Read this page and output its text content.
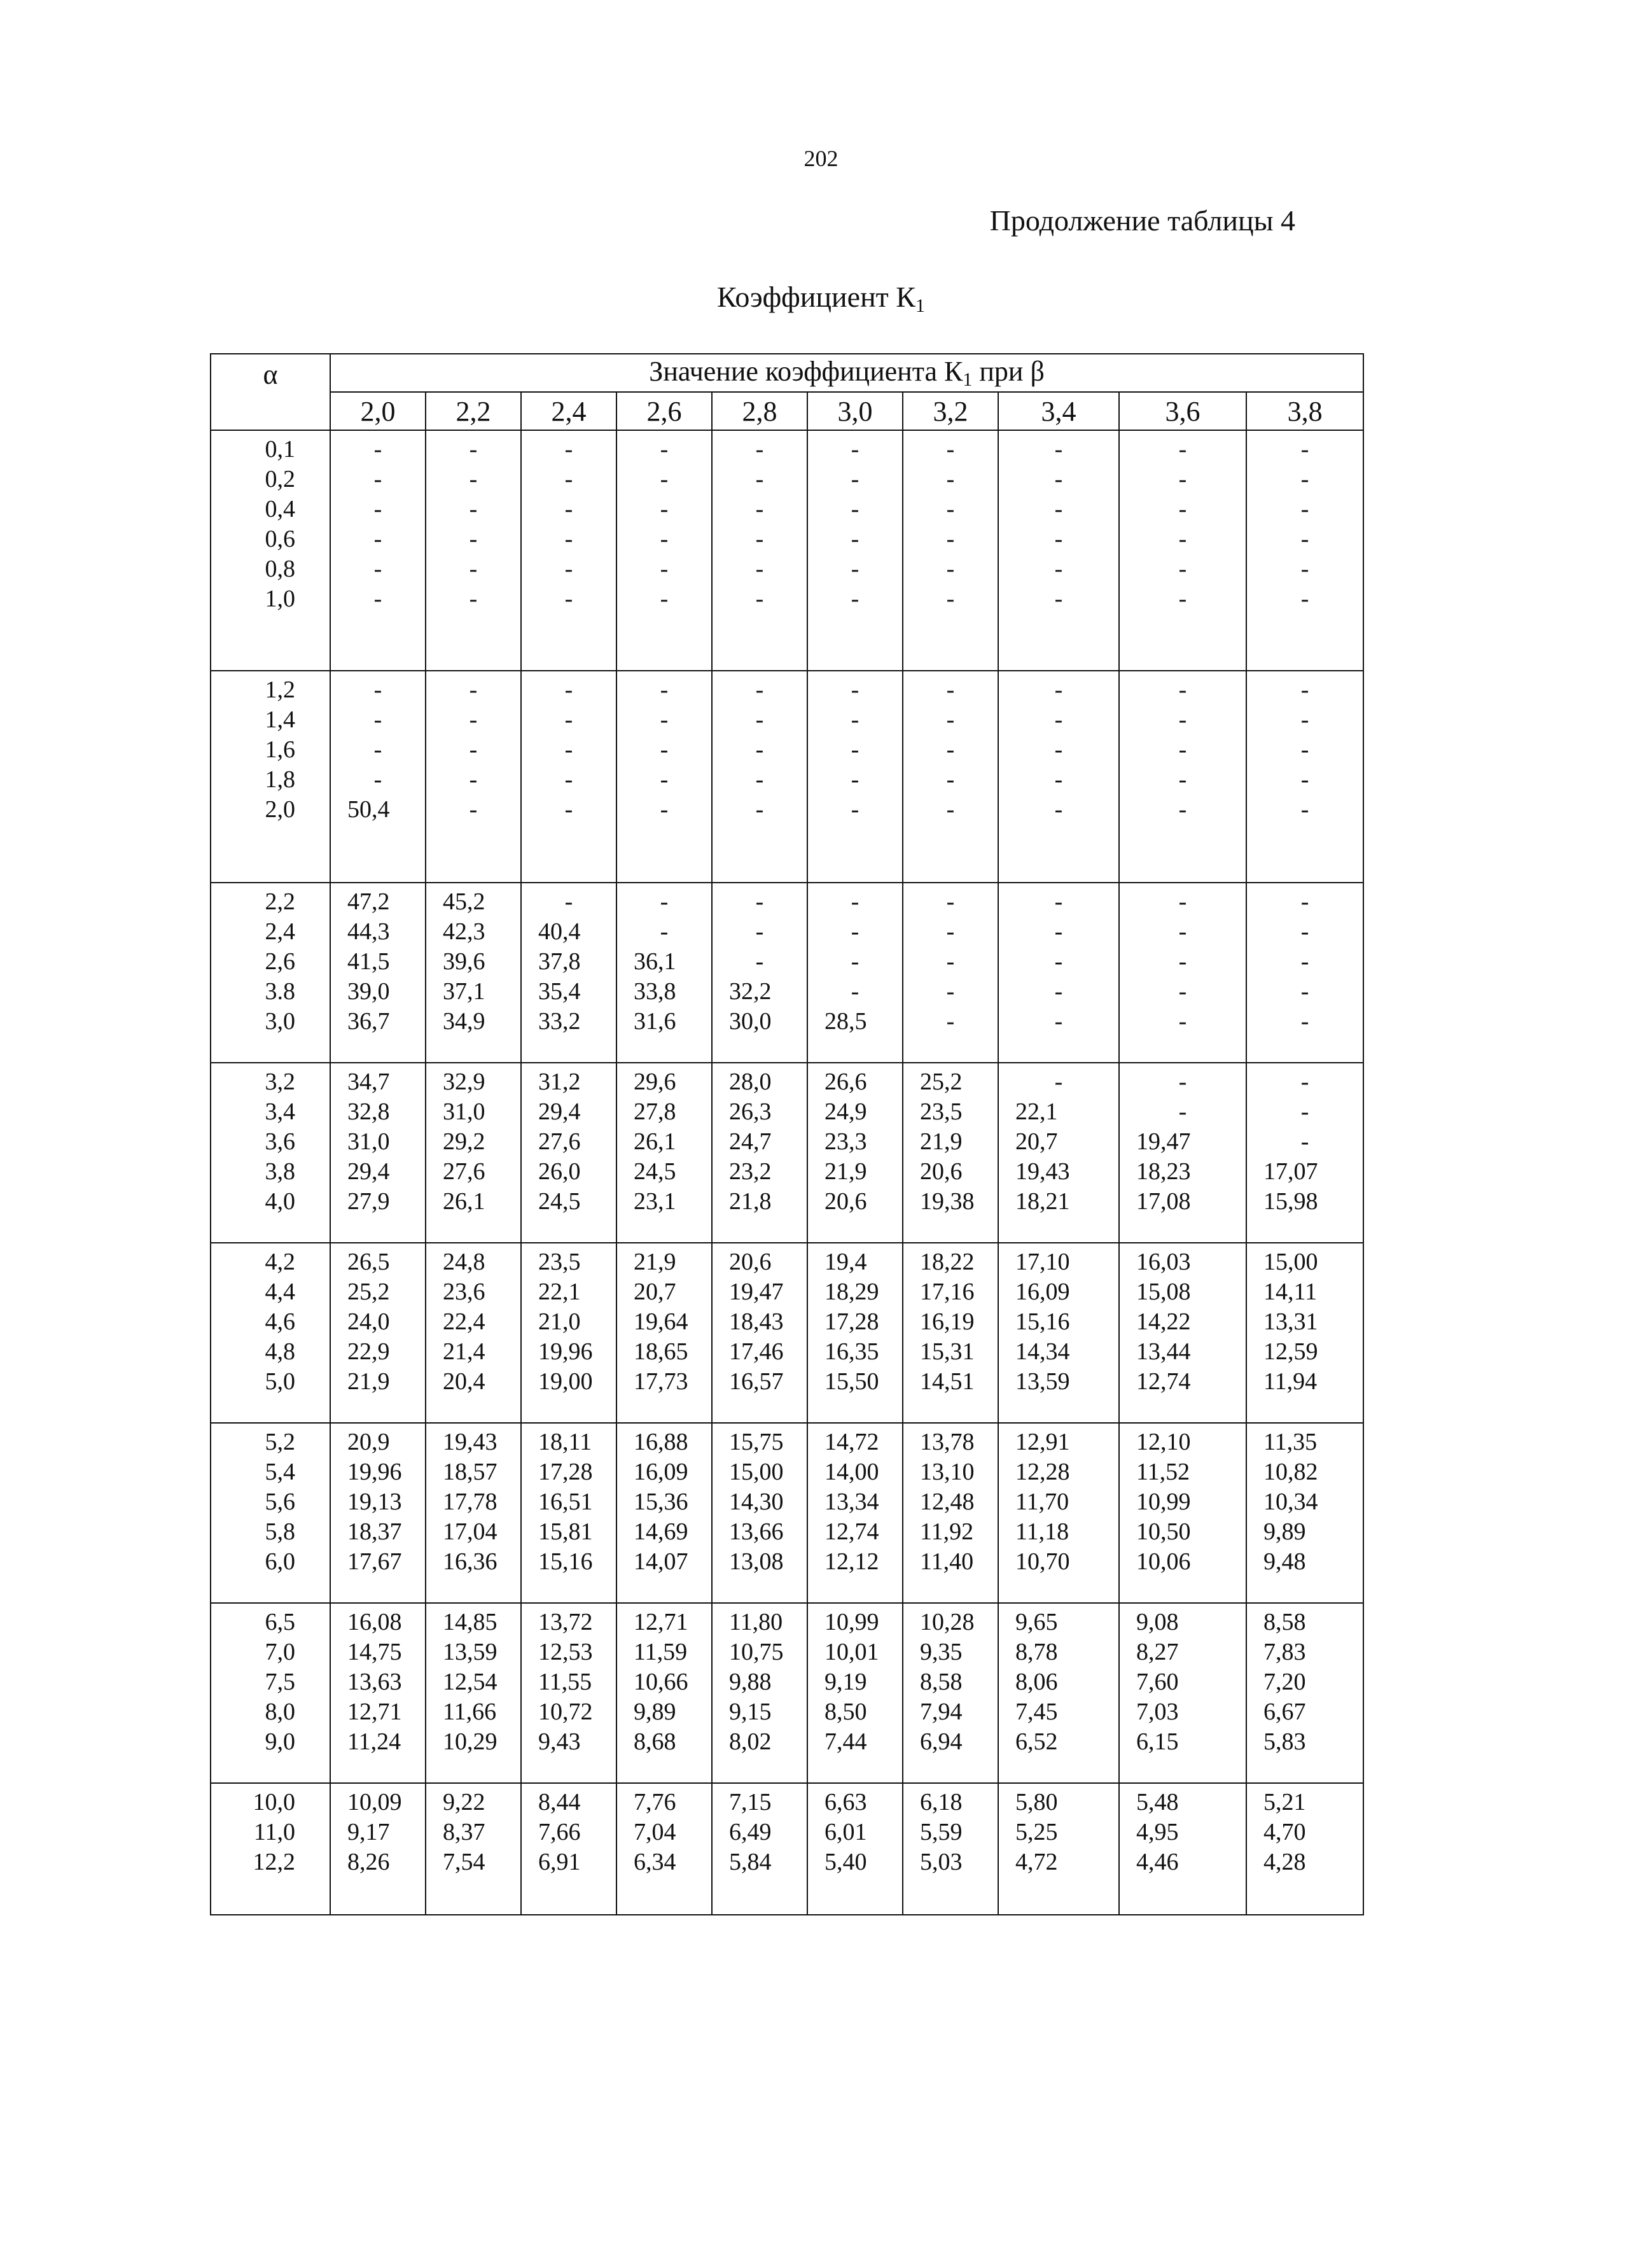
202
Продолжение таблицы 4
Коэффициент $К_1$
α	Значение коэффициента $К_1$ при β									
	2,0	2,2	2,4	2,6	2,8	3,0	3,2	3,4	3,6	3,8
0,1	-	-	-	-	-	-	-	-	-	-
0,2	-	-	-	-	-	-	-	-	-	-
0,4	-	-	-	-	-	-	-	-	-	-
0,6	-	-	-	-	-	-	-	-	-	-
0,8	-	-	-	-	-	-	-	-	-	-
1,0	-	-	-	-	-	-	-	-	-	-

1,2	-	-	-	-	-	-	-	-	-	-
1,4	-	-	-	-	-	-	-	-	-	-
1,6	-	-	-	-	-	-	-	-	-	-
1,8	-	-	-	-	-	-	-	-	-	-
2,0	50,4	-	-	-	-	-	-	-	-	-

2,2	47,2	45,2	-	-	-	-	-	-	-	-
2,4	44,3	42,3	40,4	-	-	-	-	-	-	-
2,6	41,5	39,6	37,8	36,1	-	-	-	-	-	-
3.8	39,0	37,1	35,4	33,8	32,2	-	-	-	-	-
3,0	36,7	34,9	33,2	31,6	30,0	28,5	-	-	-	-

3,2	34,7	32,9	31,2	29,6	28,0	26,6	25,2	-	-	-
3,4	32,8	31,0	29,4	27,8	26,3	24,9	23,5	22,1	-	-
3,6	31,0	29,2	27,6	26,1	24,7	23,3	21,9	20,7	19,47	-
3,8	29,4	27,6	26,0	24,5	23,2	21,9	20,6	19,43	18,23	17,07
4,0	27,9	26,1	24,5	23,1	21,8	20,6	19,38	18,21	17,08	15,98

4,2	26,5	24,8	23,5	21,9	20,6	19,4	18,22	17,10	16,03	15,00
4,4	25,2	23,6	22,1	20,7	19,47	18,29	17,16	16,09	15,08	14,11
4,6	24,0	22,4	21,0	19,64	18,43	17,28	16,19	15,16	14,22	13,31
4,8	22,9	21,4	19,96	18,65	17,46	16,35	15,31	14,34	13,44	12,59
5,0	21,9	20,4	19,00	17,73	16,57	15,50	14,51	13,59	12,74	11,94

5,2	20,9	19,43	18,11	16,88	15,75	14,72	13,78	12,91	12,10	11,35
5,4	19,96	18,57	17,28	16,09	15,00	14,00	13,10	12,28	11,52	10,82
5,6	19,13	17,78	16,51	15,36	14,30	13,34	12,48	11,70	10,99	10,34
5,8	18,37	17,04	15,81	14,69	13,66	12,74	11,92	11,18	10,50	9,89
6,0	17,67	16,36	15,16	14,07	13,08	12,12	11,40	10,70	10,06	9,48

6,5	16,08	14,85	13,72	12,71	11,80	10,99	10,28	9,65	9,08	8,58
7,0	14,75	13,59	12,53	11,59	10,75	10,01	9,35	8,78	8,27	7,83
7,5	13,63	12,54	11,55	10,66	9,88	9,19	8,58	8,06	7,60	7,20
8,0	12,71	11,66	10,72	9,89	9,15	8,50	7,94	7,45	7,03	6,67
9,0	11,24	10,29	9,43	8,68	8,02	7,44	6,94	6,52	6,15	5,83

10,0	10,09	9,22	8,44	7,76	7,15	6,63	6,18	5,80	5,48	5,21
11,0	9,17	8,37	7,66	7,04	6,49	6,01	5,59	5,25	4,95	4,70
12,2	8,26	7,54	6,91	6,34	5,84	5,40	5,03	4,72	4,46	4,28
